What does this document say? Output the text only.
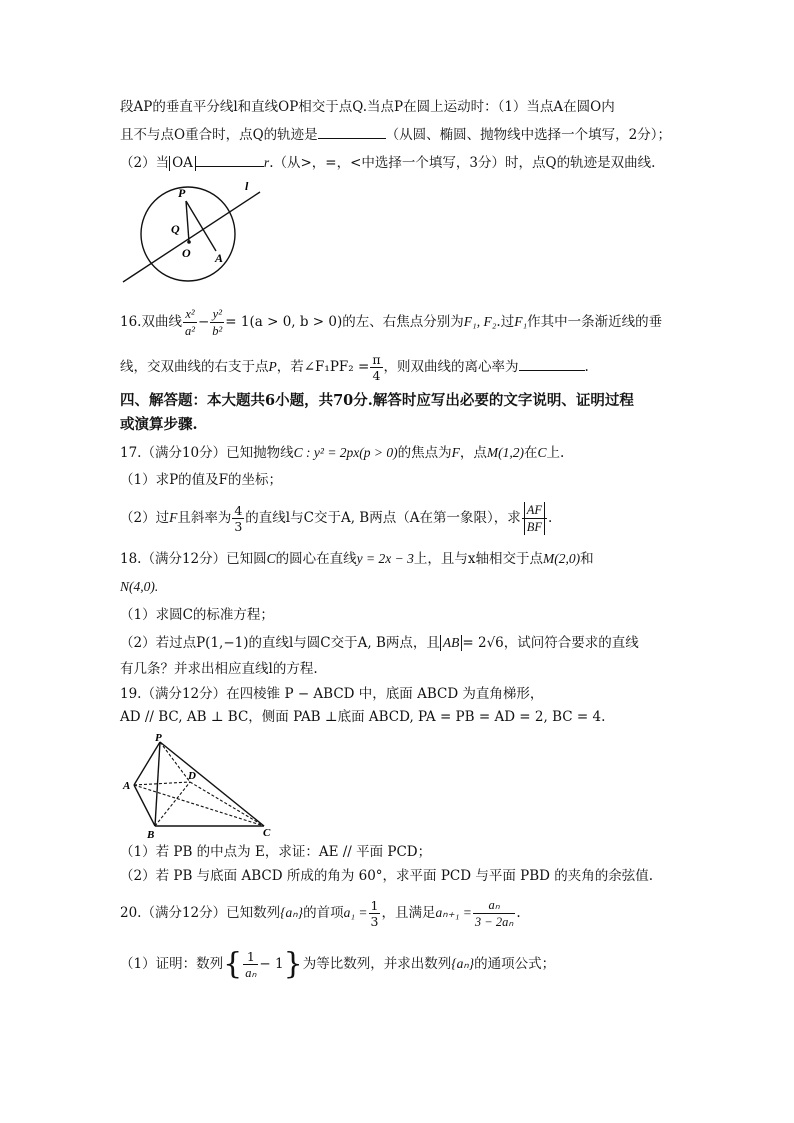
段AP的垂直平分线l和直线OP相交于点Q.当点P在圆上运动时：（1）当点A在圆O内
且不与点O重合时，点Q的轨迹是	（从圆、椭圆、抛物线中选择一个填写，2分）；
（2）当 OA	r.（从>，=，<中选择一个填写，3分）时，点Q的轨迹是双曲线.
P
Q
O A
l
16.双曲线 $\frac{\text{x²}}{\text{a²}} - \frac{\text{y²}}{\text{b²}} = 1(a > 0$, b > 0)的左、右焦点分别为F₁, F₂.过F₁作其中一条渐近线的垂
线，交双曲线的右支于点P，若∠F₁PF₂ = $\frac{\pi}{4}$ ，则双曲线的离心率为	.
四、解答题：本大题共6小题，共70分.解答时应写出必要的文字说明、证明过程
或演算步骤.
17.（满分10分）已知抛物线C : y² = 2px(p > 0)的焦点为F，点M(1,2)在C上.
（1）求P的值及F的坐标；
（2）过F且斜率为 $\frac{4}{3}$ 的直线l与C交于A, B两点（A在第一象限），求 $\frac{AF}{BF}$ .
18.（满分12分）已知圆C的圆心在直线y = 2x − 3上，且与x轴相交于点M(2,0)和
N(4,0).
（1）求圆C的标准方程；
（2）若过点P(1,−1)的直线l与圆C交于A, B两点，且 AB = 2√6，试问符合要求的直线
有几条？并求出相应直线l的方程.
19.（满分12分）在四棱锥 P − ABCD 中，底面 ABCD 为直角梯形，
AD // BC, AB ⊥ BC，侧面 PAB ⊥底面 ABCD, PA = PB = AD = 2, BC = 4.
P
A
B	C
D
（1）若 PB 的中点为 E，求证：AE // 平面 PCD；
（2）若 PB 与底面 ABCD 所成的角为 60°，求平面 PCD 与平面 PBD 的夹角的余弦值.
20.（满分12分）已知数列{aₙ}的首项$a_1 = \frac{1}{3}$ ，且满足$a_{n+1} = \frac{\text{aₙ}}{\text{3 − 2aₙ}}$ .
（1）证明：数列{ $\frac{1}{\text{aₙ}} - 1$}为等比数列，并求出数列{aₙ}的通项公式；
